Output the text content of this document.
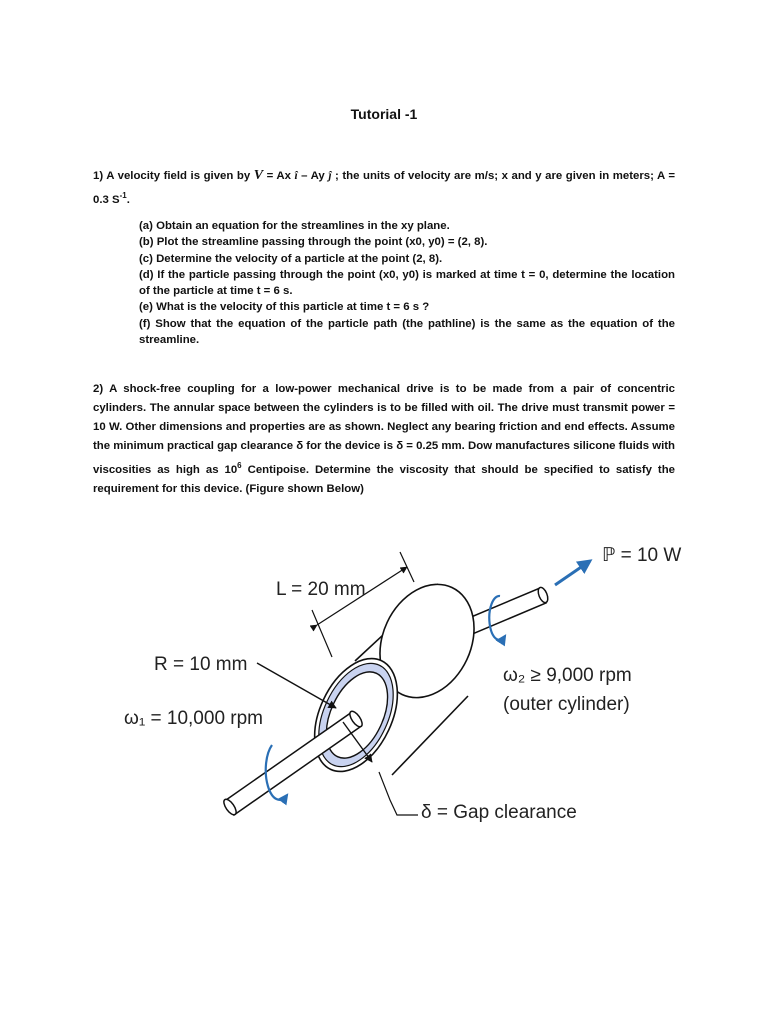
Tutorial -1
1) A velocity field is given by V = Ax î – Ay ĵ ; the units of velocity are m/s; x and y are given in meters; A = 0.3 $S^{-1}$.
(a) Obtain an equation for the streamlines in the xy plane.
(b) Plot the streamline passing through the point (x0, y0) = (2, 8).
(c) Determine the velocity of a particle at the point (2, 8).
(d) If the particle passing through the point (x0, y0) is marked at time t = 0, determine the location of the particle at time t = 6 s.
(e) What is the velocity of this particle at time t = 6 s ?
(f) Show that the equation of the particle path (the pathline) is the same as the equation of the streamline.
2) A shock-free coupling for a low-power mechanical drive is to be made from a pair of concentric cylinders. The annular space between the cylinders is to be filled with oil. The drive must transmit power = 10 W. Other dimensions and properties are as shown. Neglect any bearing friction and end effects. Assume the minimum practical gap clearance δ for the device is δ = 0.25 mm. Dow manufactures silicone fluids with viscosities as high as $10^6$ Centipoise. Determine the viscosity that should be specified to satisfy the requirement for this device. (Figure shown Below)
ℙ = 10 W
L = 20 mm
R = 10 mm
ω₁ = 10,000 rpm
ω₂ ≥ 9,000 rpm
(outer cylinder)
δ = Gap clearance
